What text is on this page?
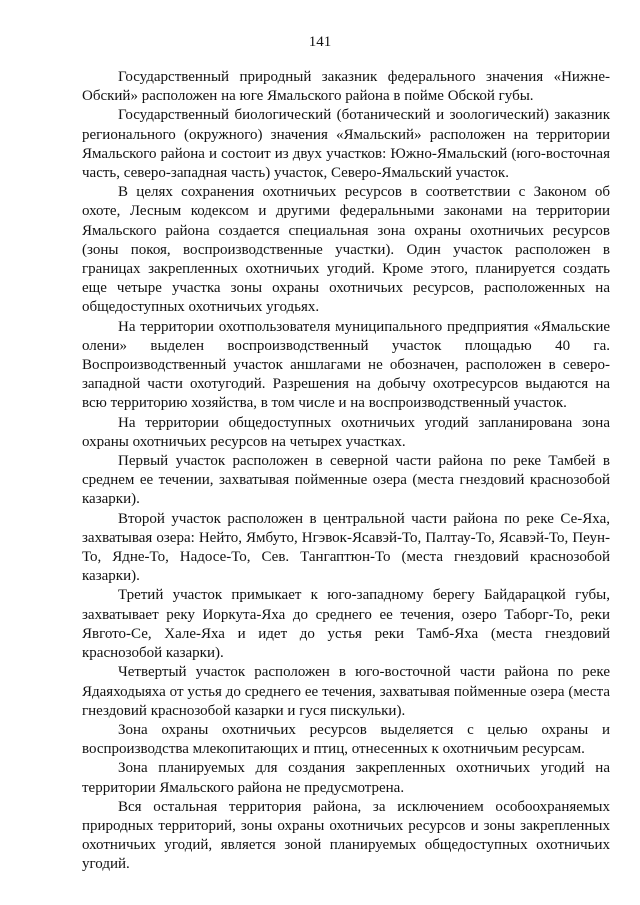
141

Государственный природный заказник федерального значения «Нижне-Обский» расположен на юге Ямальского района в пойме Обской губы.

Государственный биологический (ботанический и зоологический) заказник регионального (окружного) значения «Ямальский» расположен на территории Ямальского района и состоит из двух участков: Южно-Ямальский (юго-восточная часть, северо-западная часть) участок, Северо-Ямальский участок.

В целях сохранения охотничьих ресурсов в соответствии с Законом об охоте, Лесным кодексом и другими федеральными законами на территории Ямальского района создается специальная зона охраны охотничьих ресурсов (зоны покоя, воспроизводственные участки). Один участок расположен в границах закрепленных охотничьих угодий. Кроме этого, планируется создать еще четыре участка зоны охраны охотничьих ресурсов, расположенных на общедоступных охотничьих угодьях.

На территории охотпользователя муниципального предприятия «Ямальские олени» выделен воспроизводственный участок площадью 40 га. Воспроизводственный участок аншлагами не обозначен, расположен в северо-западной части охотугодий. Разрешения на добычу охотресурсов выдаются на всю территорию хозяйства, в том числе и на воспроизводственный участок.

На территории общедоступных охотничьих угодий запланирована зона охраны охотничьих ресурсов на четырех участках.

Первый участок расположен в северной части района по реке Тамбей в среднем ее течении, захватывая пойменные озера (места гнездовий краснозобой казарки).

Второй участок расположен в центральной части района по реке Се-Яха, захватывая озера: Нейто, Ямбуто, Нгэвок-Ясавэй-То, Палтау-То, Ясавэй-То, Пеун-То, Ядне-То, Надосе-То, Сев. Тангаптюн-То (места гнездовий краснозобой казарки).

Третий участок примыкает к юго-западному берегу Байдарацкой губы, захватывает реку Иоркута-Яха до среднего ее течения, озеро Таборг-То, реки Явгото-Се, Хале-Яха и идет до устья реки Тамб-Яха (места гнездовий краснозобой казарки).

Четвертый участок расположен в юго-восточной части района по реке Ядаяходыяха от устья до среднего ее течения, захватывая пойменные озера (места гнездовий краснозобой казарки и гуся пискульки).

Зона охраны охотничьих ресурсов выделяется с целью охраны и воспроизводства млекопитающих и птиц, отнесенных к охотничьим ресурсам.

Зона планируемых для создания закрепленных охотничьих угодий на территории Ямальского района не предусмотрена.

Вся остальная территория района, за исключением особоохраняемых природных территорий, зоны охраны охотничьих ресурсов и зоны закрепленных охотничьих угодий, является зоной планируемых общедоступных охотничьих угодий.
